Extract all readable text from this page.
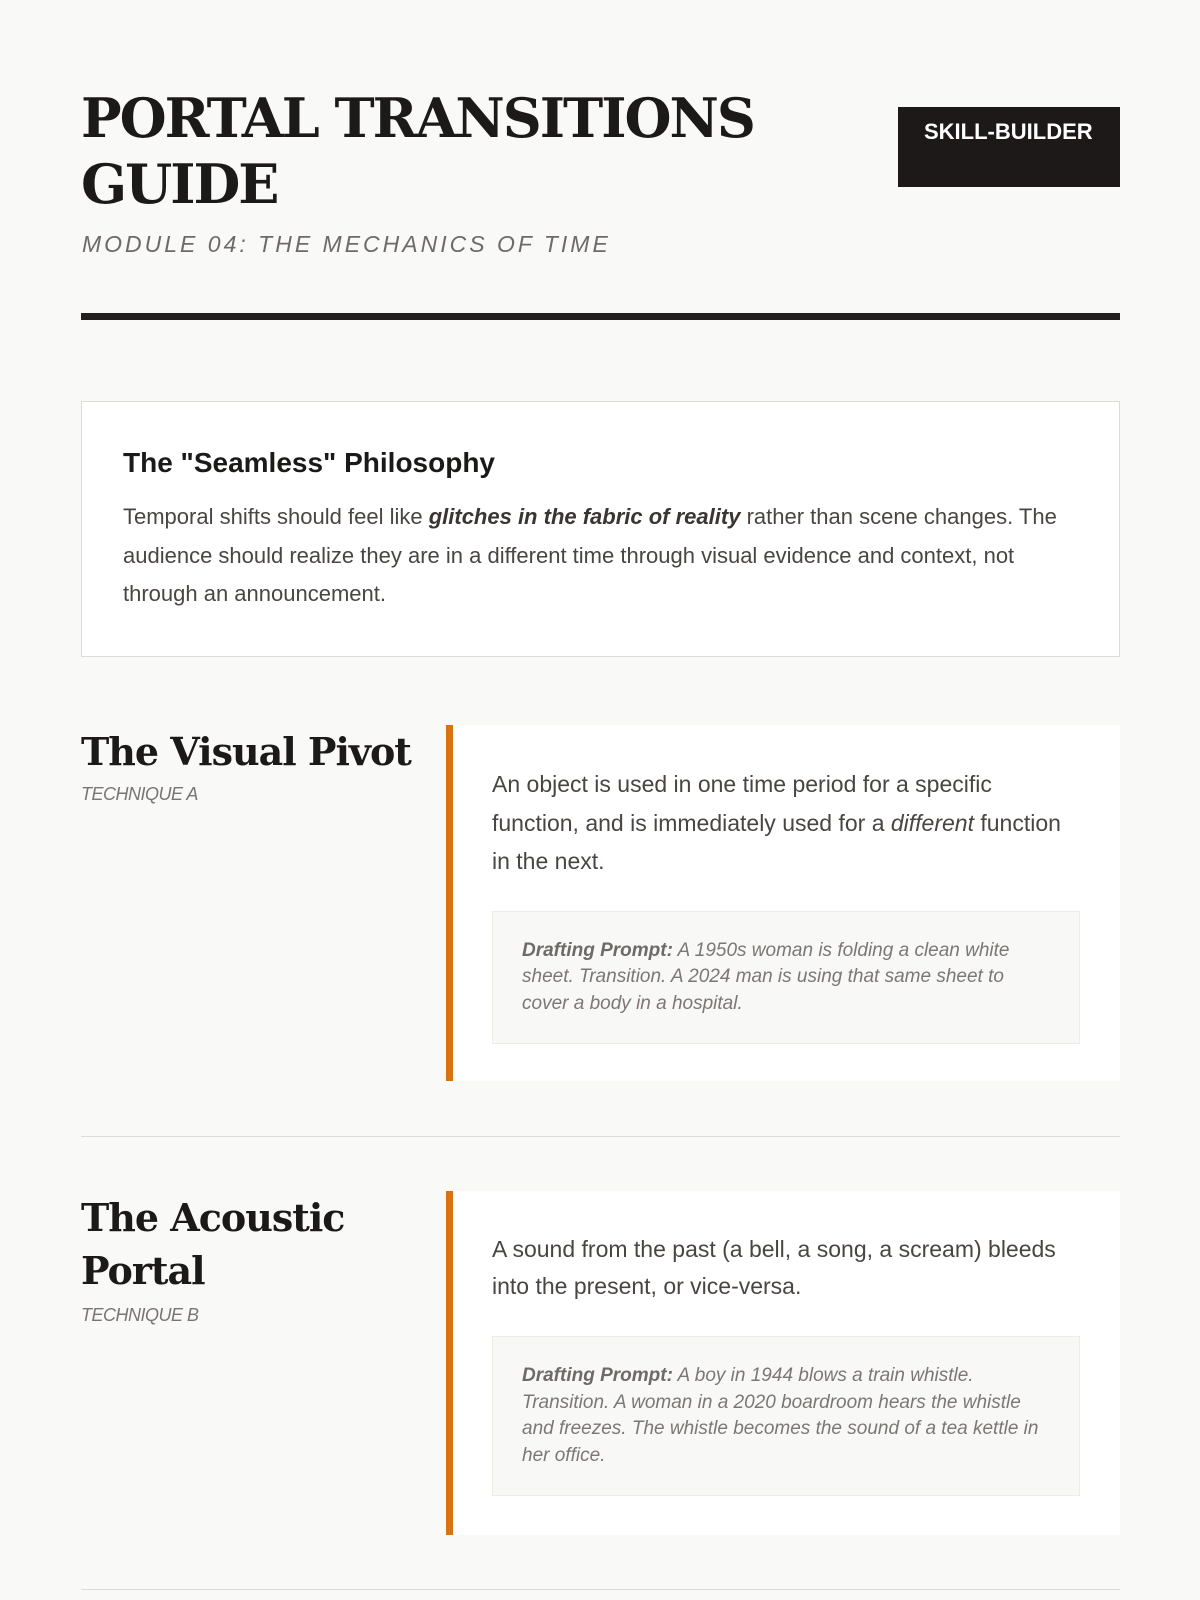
PORTAL TRANSITIONS GUIDE

MODULE 04: THE MECHANICS OF TIME

SKILL-BUILDER
The "Seamless" Philosophy

Temporal shifts should feel like glitches in the fabric of reality rather than scene changes. The audience should realize they are in a different time through visual evidence and context, not through an announcement.

The Visual Pivot

TECHNIQUE A	An object is used in one time period for a specific function, and is immediately used for a different function in the next.

Drafting Prompt: A 1950s woman is folding a clean white sheet. Transition. A 2024 man is using that same sheet to cover a body in a hospital.
The Acoustic Portal

TECHNIQUE B

A sound from the past (a bell, a song, a scream) bleeds into the present, or vice-versa.

Drafting Prompt: A boy in 1944 blows a train whistle. Transition. A woman in a 2020 boardroom hears the whistle and freezes. The whistle becomes the sound of a tea kettle in her office.
